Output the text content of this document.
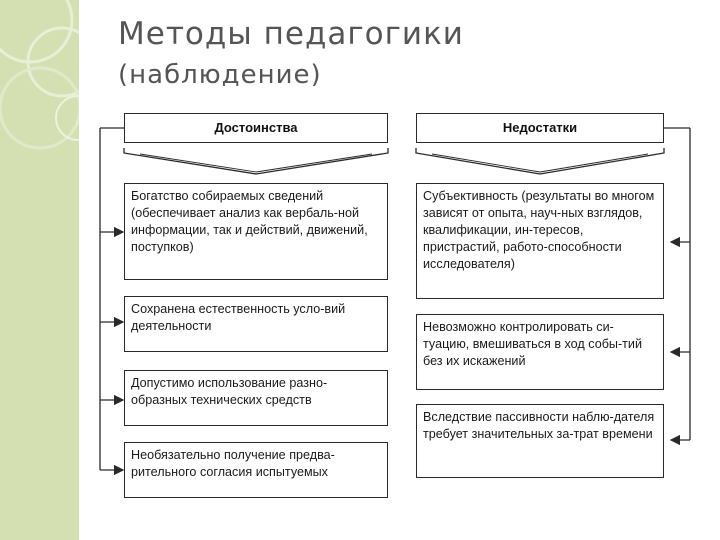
Методы педагогики
(наблюдение)
Достоинства	Недостатки
Богатство собираемых сведений (обеспечивает анализ как вербаль-ной информации, так и действий, движений, поступков)
Сохранена естественность усло-вий деятельности
Допустимо использование разно-образных технических средств
Необязательно получение предва-рительного согласия испытуемых
Субъективность (результаты во многом зависят от опыта, науч-ных взглядов, квалификации, ин-тересов, пристрастий, работо-способности исследователя)
Невозможно контролировать си-туацию, вмешиваться в ход собы-тий без их искажений
Вследствие пассивности наблю-дателя требует значительных за-трат времени
